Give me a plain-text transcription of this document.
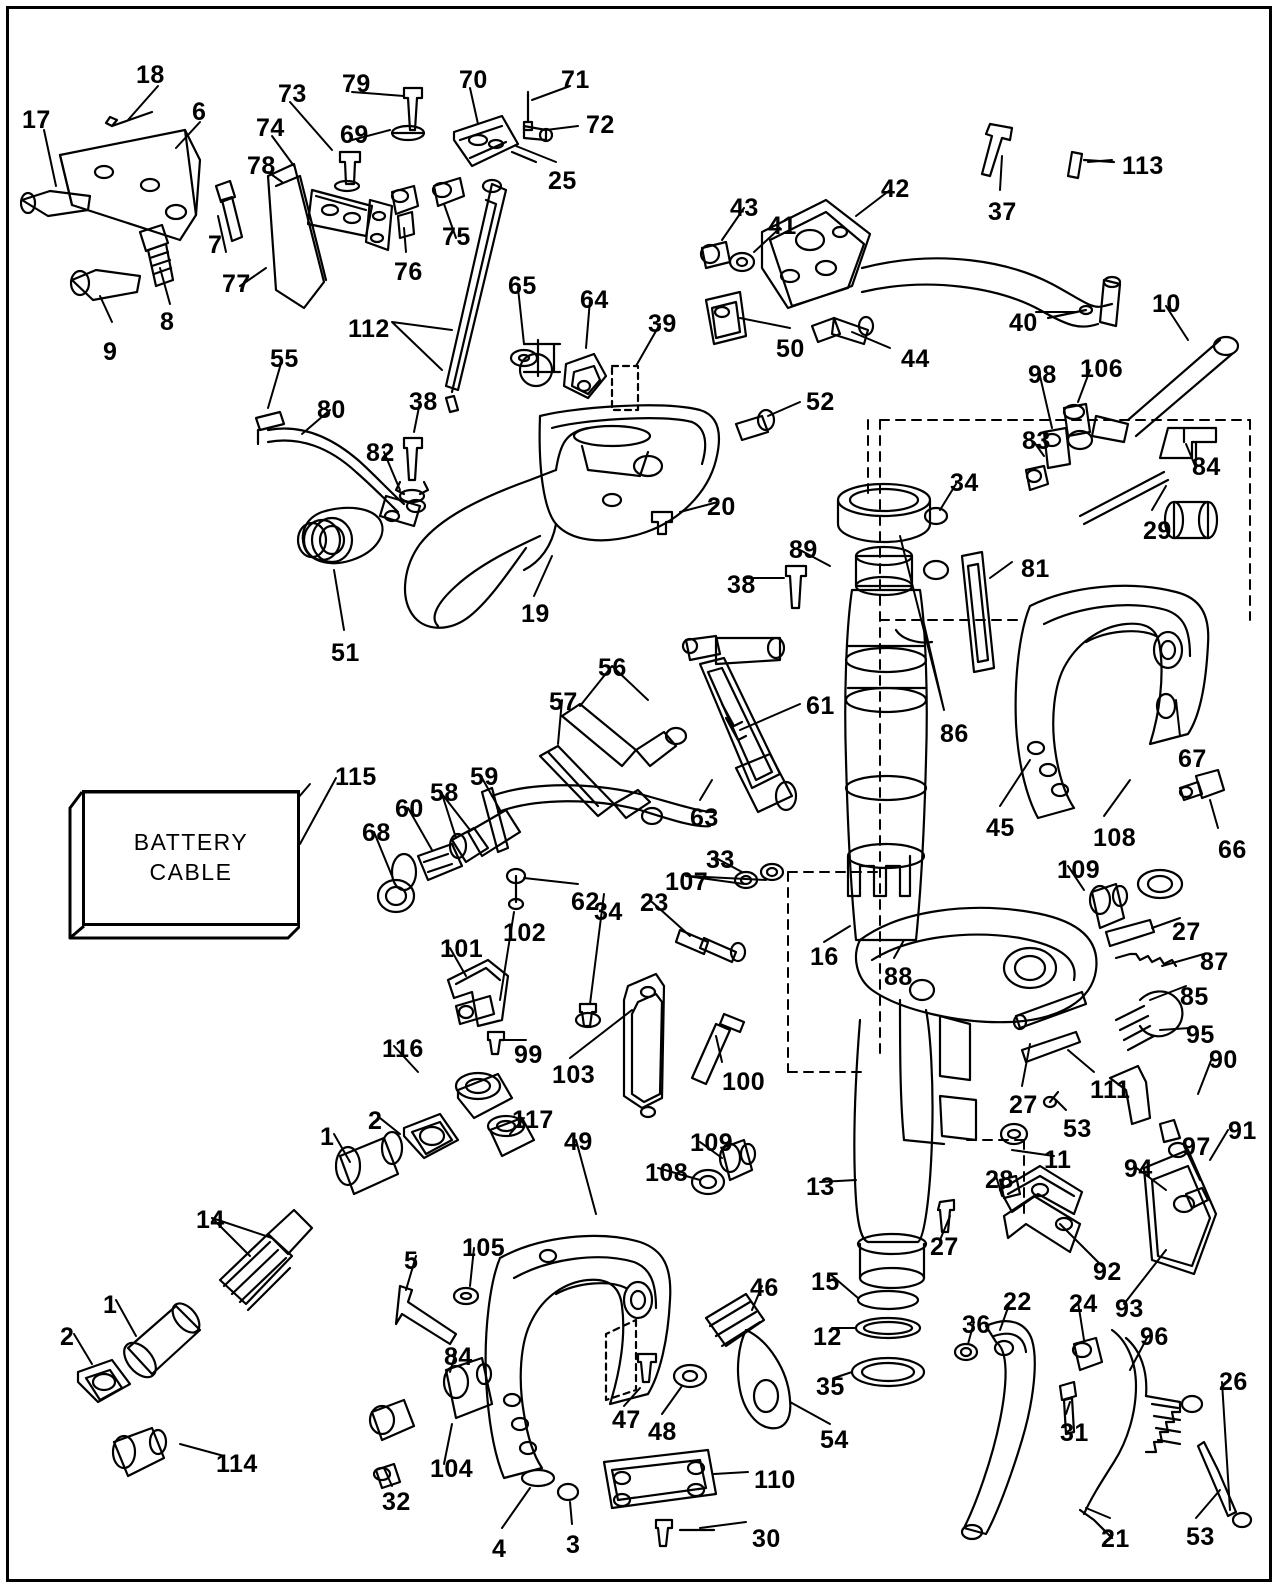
BATTERY
CABLE
17
18
6
73 79	70	71
72
74 69
78
25
113
37
7	75
76
77
8
9
43
41
42
40
10
65 64
39
50	44
112
55
80	38
82
52
98 106
83
84
29
34
81
89
38
20
19
51
56
57	61
86
67
45	108	66
115	59
58
60
68
63
33
107	109
62
102
34 23
16
88
27
87
85
101
99
103	100
95
90
27
111
53	91
97
116
2	117
49	109
11 94
1
108	28
13
14
1
2
5 105	27
92
93
15
12
35
46
84
36
22 24
96
26
47 48	54	31
114
32
104
4 3
110
30	21 53
